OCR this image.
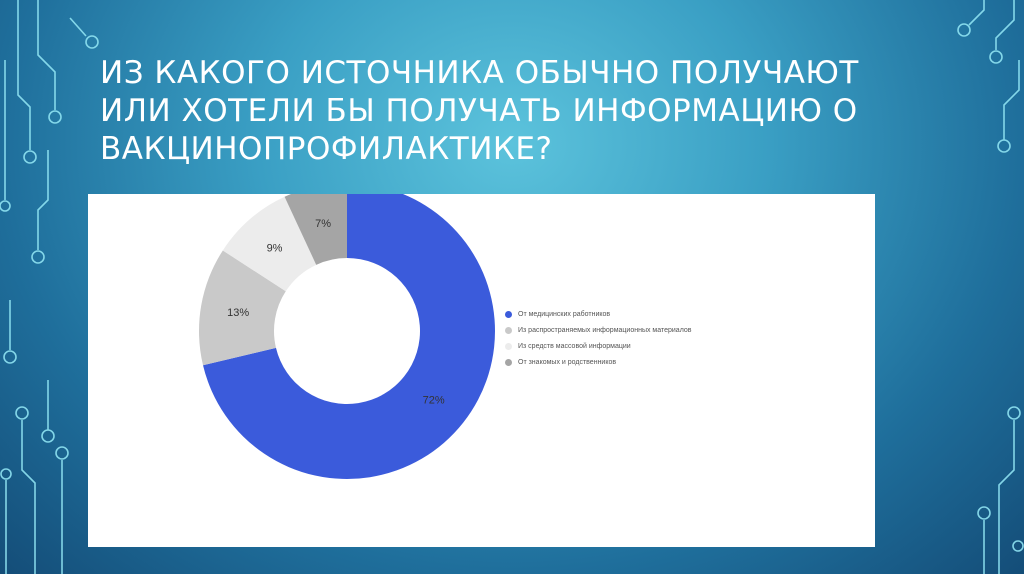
ИЗ КАКОГО ИСТОЧНИКА ОБЫЧНО ПОЛУЧАЮТ ИЛИ ХОТЕЛИ БЫ ПОЛУЧАТЬ ИНФОРМАЦИЮ О ВАКЦИНОПРОФИЛАКТИКЕ?
72%
13%
9%
7%
От медицинских работников
Из распространяемых информационных материалов
Из средств массовой информации
От знакомых и родственников
